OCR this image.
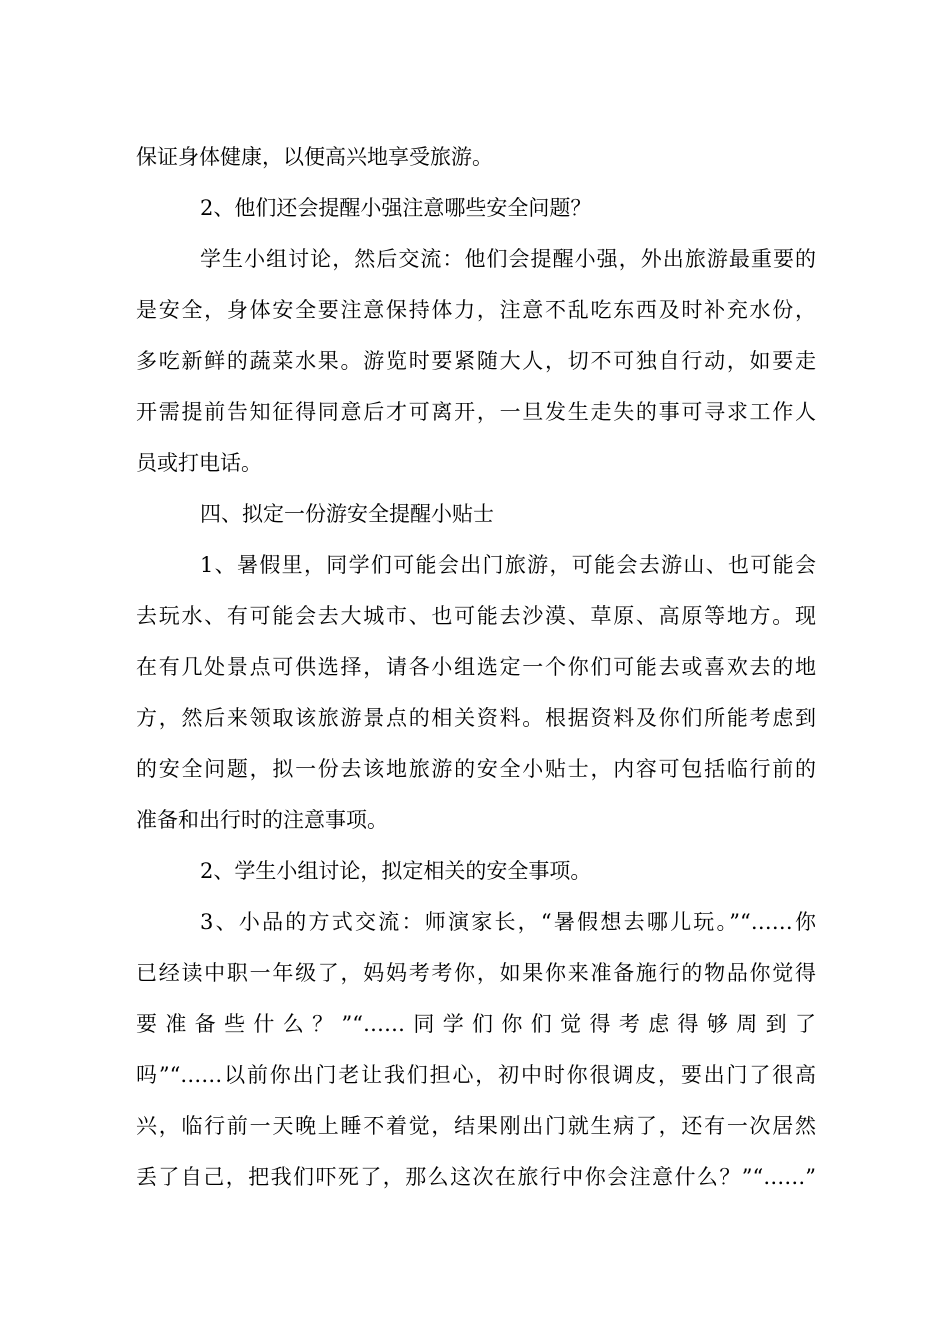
保证身体健康，以便高兴地享受旅游。
2、他们还会提醒小强注意哪些安全问题？
学生小组讨论，然后交流：他们会提醒小强，外出旅游最重要的
是安全，身体安全要注意保持体力，注意不乱吃东西及时补充水份，
多吃新鲜的蔬菜水果。游览时要紧随大人，切不可独自行动，如要走
开需提前告知征得同意后才可离开，一旦发生走失的事可寻求工作人
员或打电话。
四、拟定一份游安全提醒小贴士
1、暑假里，同学们可能会出门旅游，可能会去游山、也可能会
去玩水、有可能会去大城市、也可能去沙漠、草原、高原等地方。现
在有几处景点可供选择，请各小组选定一个你们可能去或喜欢去的地
方，然后来领取该旅游景点的相关资料。根据资料及你们所能考虑到
的安全问题，拟一份去该地旅游的安全小贴士，内容可包括临行前的
准备和出行时的注意事项。
2、学生小组讨论，拟定相关的安全事项。
3、小品的方式交流：师演家长，“暑假想去哪儿玩。”“……你
已经读中职一年级了，妈妈考考你，如果你来准备施行的物品你觉得
要准备些什么？”“……同学们你们觉得考虑得够周到了
吗”“……以前你出门老让我们担心，初中时你很调皮，要出门了很高
兴，临行前一天晚上睡不着觉，结果刚出门就生病了，还有一次居然
丢了自己，把我们吓死了，那么这次在旅行中你会注意什么？”“……”
